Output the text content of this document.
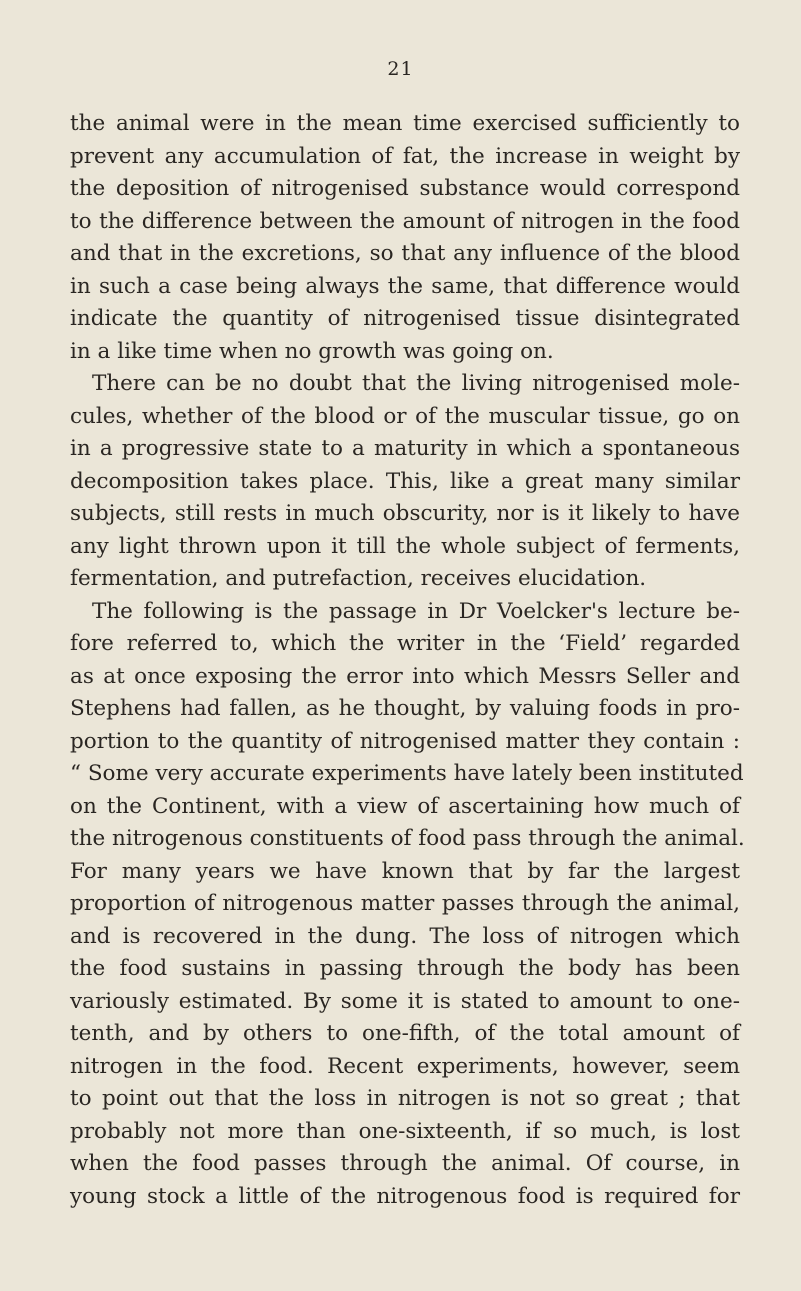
21
the animal were in the mean time exercised sufficiently to
prevent any accumulation of fat, the increase in weight by
the deposition of nitrogenised substance would correspond
to the difference between the amount of nitrogen in the food
and that in the excretions, so that any influence of the blood
in such a case being always the same, that difference would
indicate the quantity of nitrogenised tissue disintegrated
in a like time when no growth was going on.
There can be no doubt that the living nitrogenised mole-
cules, whether of the blood or of the muscular tissue, go on
in a progressive state to a maturity in which a spontaneous
decomposition takes place. This, like a great many similar
subjects, still rests in much obscurity, nor is it likely to have
any light thrown upon it till the whole subject of ferments,
fermentation, and putrefaction, receives elucidation.
The following is the passage in Dr Voelcker's lecture be-
fore referred to, which the writer in the ‘Field’ regarded
as at once exposing the error into which Messrs Seller and
Stephens had fallen, as he thought, by valuing foods in pro-
portion to the quantity of nitrogenised matter they contain :
“ Some very accurate experiments have lately been instituted
on the Continent, with a view of ascertaining how much of
the nitrogenous constituents of food pass through the animal.
For many years we have known that by far the largest
proportion of nitrogenous matter passes through the animal,
and is recovered in the dung. The loss of nitrogen which
the food sustains in passing through the body has been
variously estimated. By some it is stated to amount to one-
tenth, and by others to one-fifth, of the total amount of
nitrogen in the food. Recent experiments, however, seem
to point out that the loss in nitrogen is not so great ; that
probably not more than one-sixteenth, if so much, is lost
when the food passes through the animal. Of course, in
young stock a little of the nitrogenous food is required for
